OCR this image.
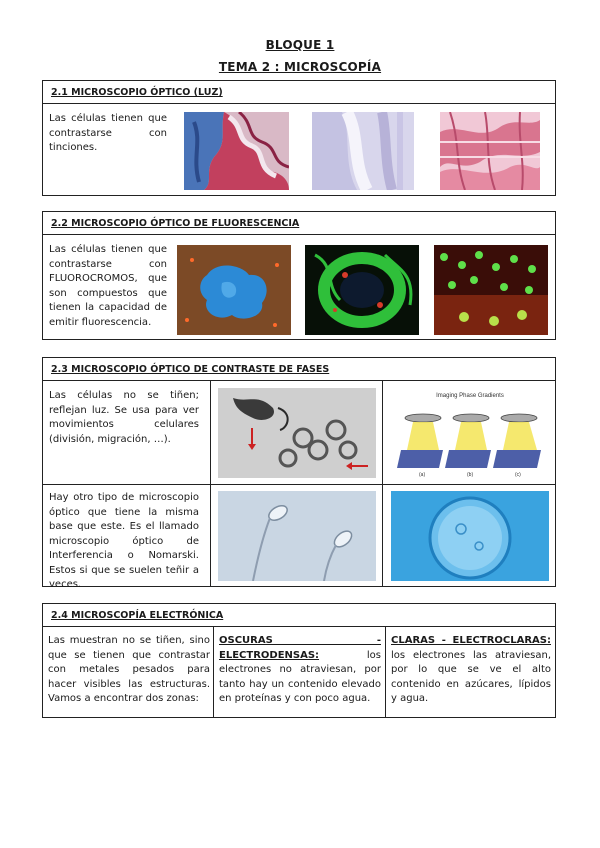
BLOQUE 1
TEMA 2 : MICROSCOPÍA
2.1 MICROSCOPIO ÓPTICO (LUZ)
Las células tienen que contrastarse con tinciones.
2.2 MICROSCOPIO ÓPTICO DE FLUORESCENCIA
Las células tienen que contrastarse con FLUOROCROMOS, que son compuestos que tienen la capacidad de emitir fluorescencia.
2.3 MICROSCOPIO ÓPTICO DE CONTRASTE DE FASES
Las células no se tiñen; reflejan luz. Se usa para ver movimientos celulares (división, migración, …).
Hay otro tipo de microscopio óptico que tiene la misma base que este. Es el llamado microscopio óptico de Interferencia o Nomarski. Estos si que se suelen teñir a veces.
Imaging Phase Gradients
(a)	(b)	(c)
2.4 MICROSCOPÍA ELECTRÓNICA
Las muestran no se tiñen, sino que se tienen que contrastar con metales pesados para hacer visibles las estructuras. Vamos a encontrar dos zonas:
OSCURAS - ELECTRODENSAS: los electrones no atraviesan, por tanto hay un contenido elevado en proteínas y con poco agua.
CLARAS - ELECTROCLARAS: los electrones las atraviesan, por lo que se ve el alto contenido en azúcares, lípidos y agua.
